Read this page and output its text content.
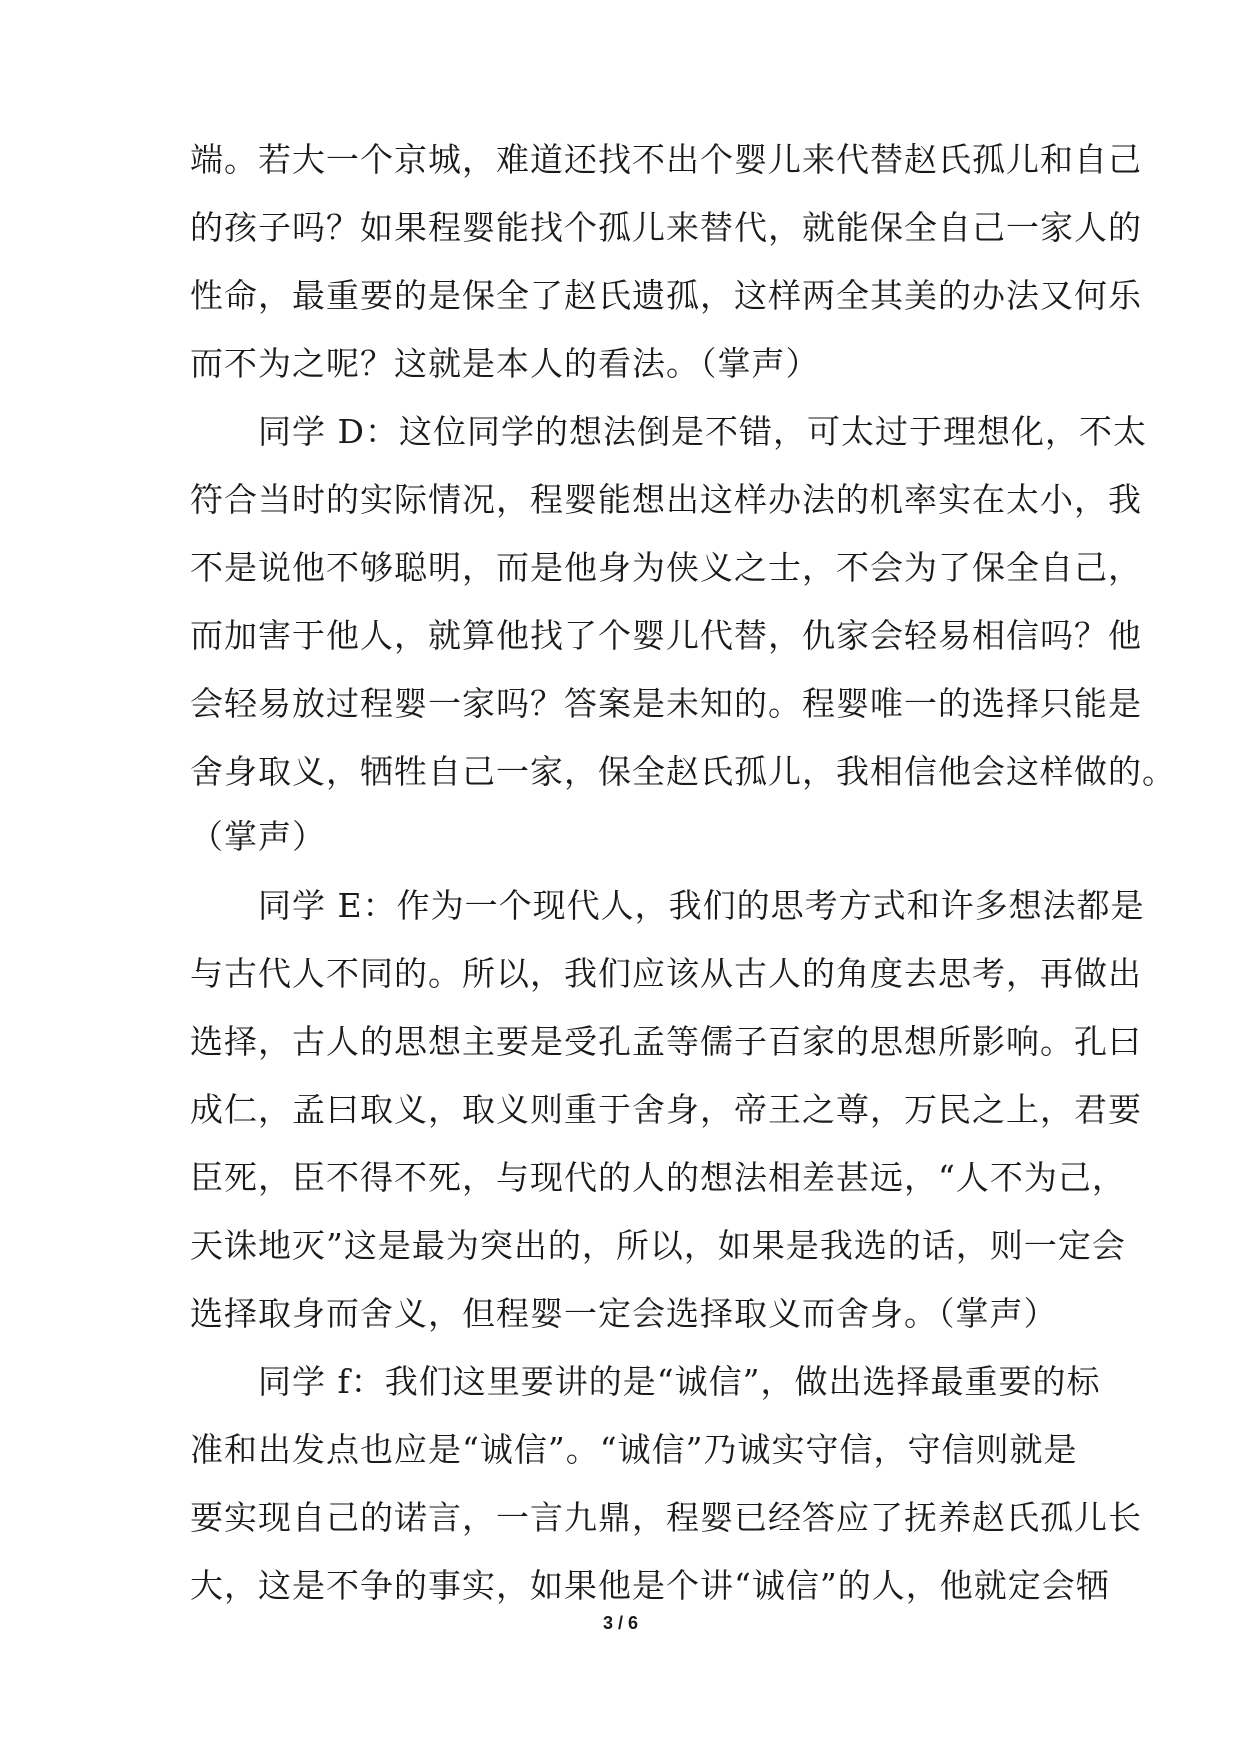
端。若大一个京城，难道还找不出个婴儿来代替赵氏孤儿和自己
的孩子吗？如果程婴能找个孤儿来替代，就能保全自己一家人的
性命，最重要的是保全了赵氏遗孤，这样两全其美的办法又何乐
而不为之呢？这就是本人的看法。（掌声）
　　同学 D：这位同学的想法倒是不错，可太过于理想化，不太
符合当时的实际情况，程婴能想出这样办法的机率实在太小，我
不是说他不够聪明，而是他身为侠义之士，不会为了保全自己，
而加害于他人，就算他找了个婴儿代替，仇家会轻易相信吗？他
会轻易放过程婴一家吗？答案是未知的。程婴唯一的选择只能是
舍身取义，牺牲自己一家，保全赵氏孤儿，我相信他会这样做的。
（掌声）
　　同学 E：作为一个现代人，我们的思考方式和许多想法都是
与古代人不同的。所以，我们应该从古人的角度去思考，再做出
选择，古人的思想主要是受孔孟等儒子百家的思想所影响。孔曰
成仁，孟曰取义，取义则重于舍身，帝王之尊，万民之上，君要
臣死，臣不得不死，与现代的人的想法相差甚远，“人不为己，
天诛地灭”这是最为突出的，所以，如果是我选的话，则一定会
选择取身而舍义，但程婴一定会选择取义而舍身。（掌声）
　　同学 f：我们这里要讲的是“诚信”，做出选择最重要的标
准和出发点也应是“诚信”。“诚信”乃诚实守信，守信则就是
要实现自己的诺言，一言九鼎，程婴已经答应了抚养赵氏孤儿长
大，这是不争的事实，如果他是个讲“诚信”的人，他就定会牺
3 / 6
